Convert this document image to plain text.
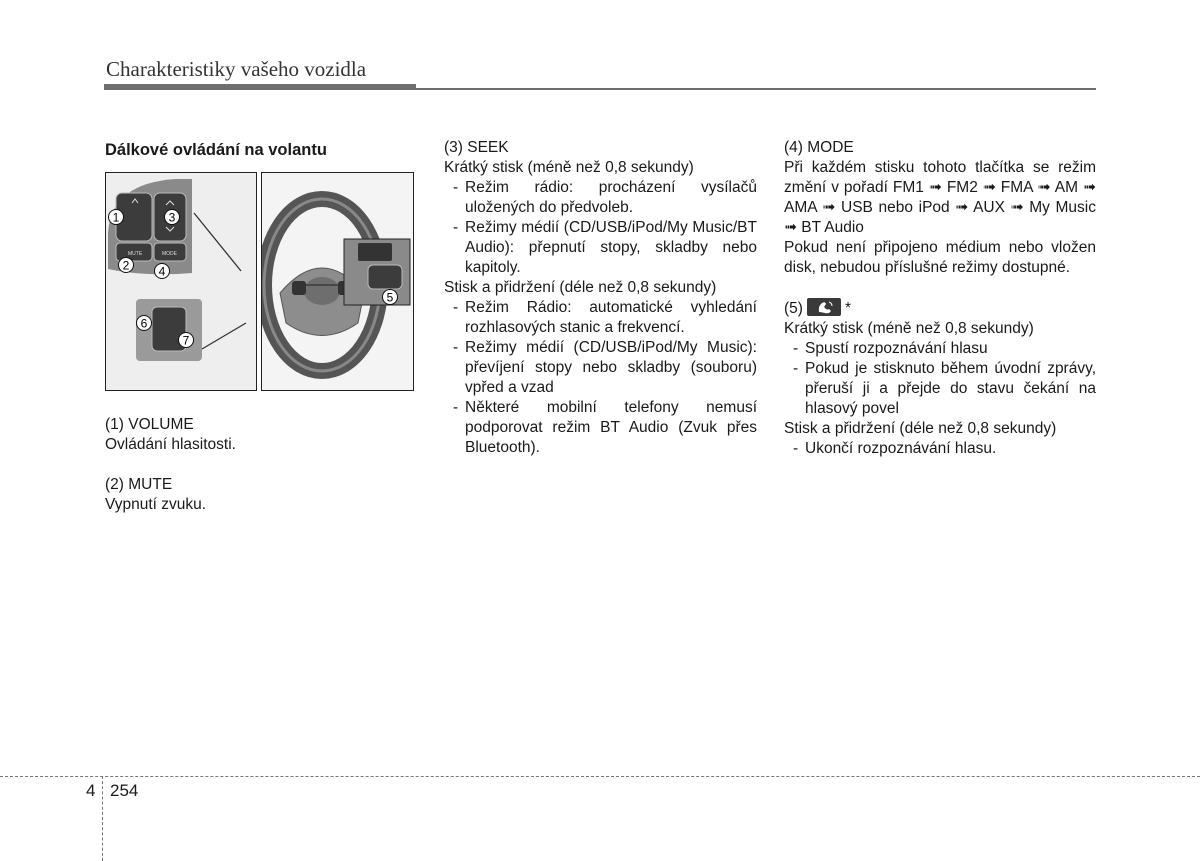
Charakteristiky vašeho vozidla

Dálkové ovládání na volantu

MUTE	MODE
1
2
3
4
6
7
5

(1) VOLUME

Ovládání hlasitosti.

(2) MUTE

Vypnutí zvuku.

(3) SEEK

Krátký stisk (méně než 0,8 sekundy)

- Režim rádio: procházení vysílačů uložených do předvoleb.
- Režimy médií (CD/USB/iPod/My Music/BT Audio): přepnutí stopy, skladby nebo kapitoly.

Stisk a přidržení (déle než 0,8 sekundy)

- Režim Rádio: automatické vyhledání rozhlasových stanic a frekvencí.
- Režimy médií (CD/USB/iPod/My Music): převíjení stopy nebo skladby (souboru) vpřed a vzad
- Některé mobilní telefony nemusí podporovat režim BT Audio (Zvuk přes Bluetooth).

(4) MODE

Při každém stisku tohoto tlačítka se režim změní v pořadí FM1 ➟ FM2 ➟ FMA ➟ AM ➟ AMA ➟ USB nebo iPod ➟ AUX ➟ My Music ➟ BT Audio

Pokud není připojeno médium nebo vložen disk, nebudou příslušné režimy dostupné.

(5)	*

Krátký stisk (méně než 0,8 sekundy)

- Spustí rozpoznávání hlasu
- Pokud je stisknuto během úvodní zprávy, přeruší ji a přejde do stavu čekání na hlasový povel

Stisk a přidržení (déle než 0,8 sekundy)

- Ukončí rozpoznávání hlasu.
4 254
